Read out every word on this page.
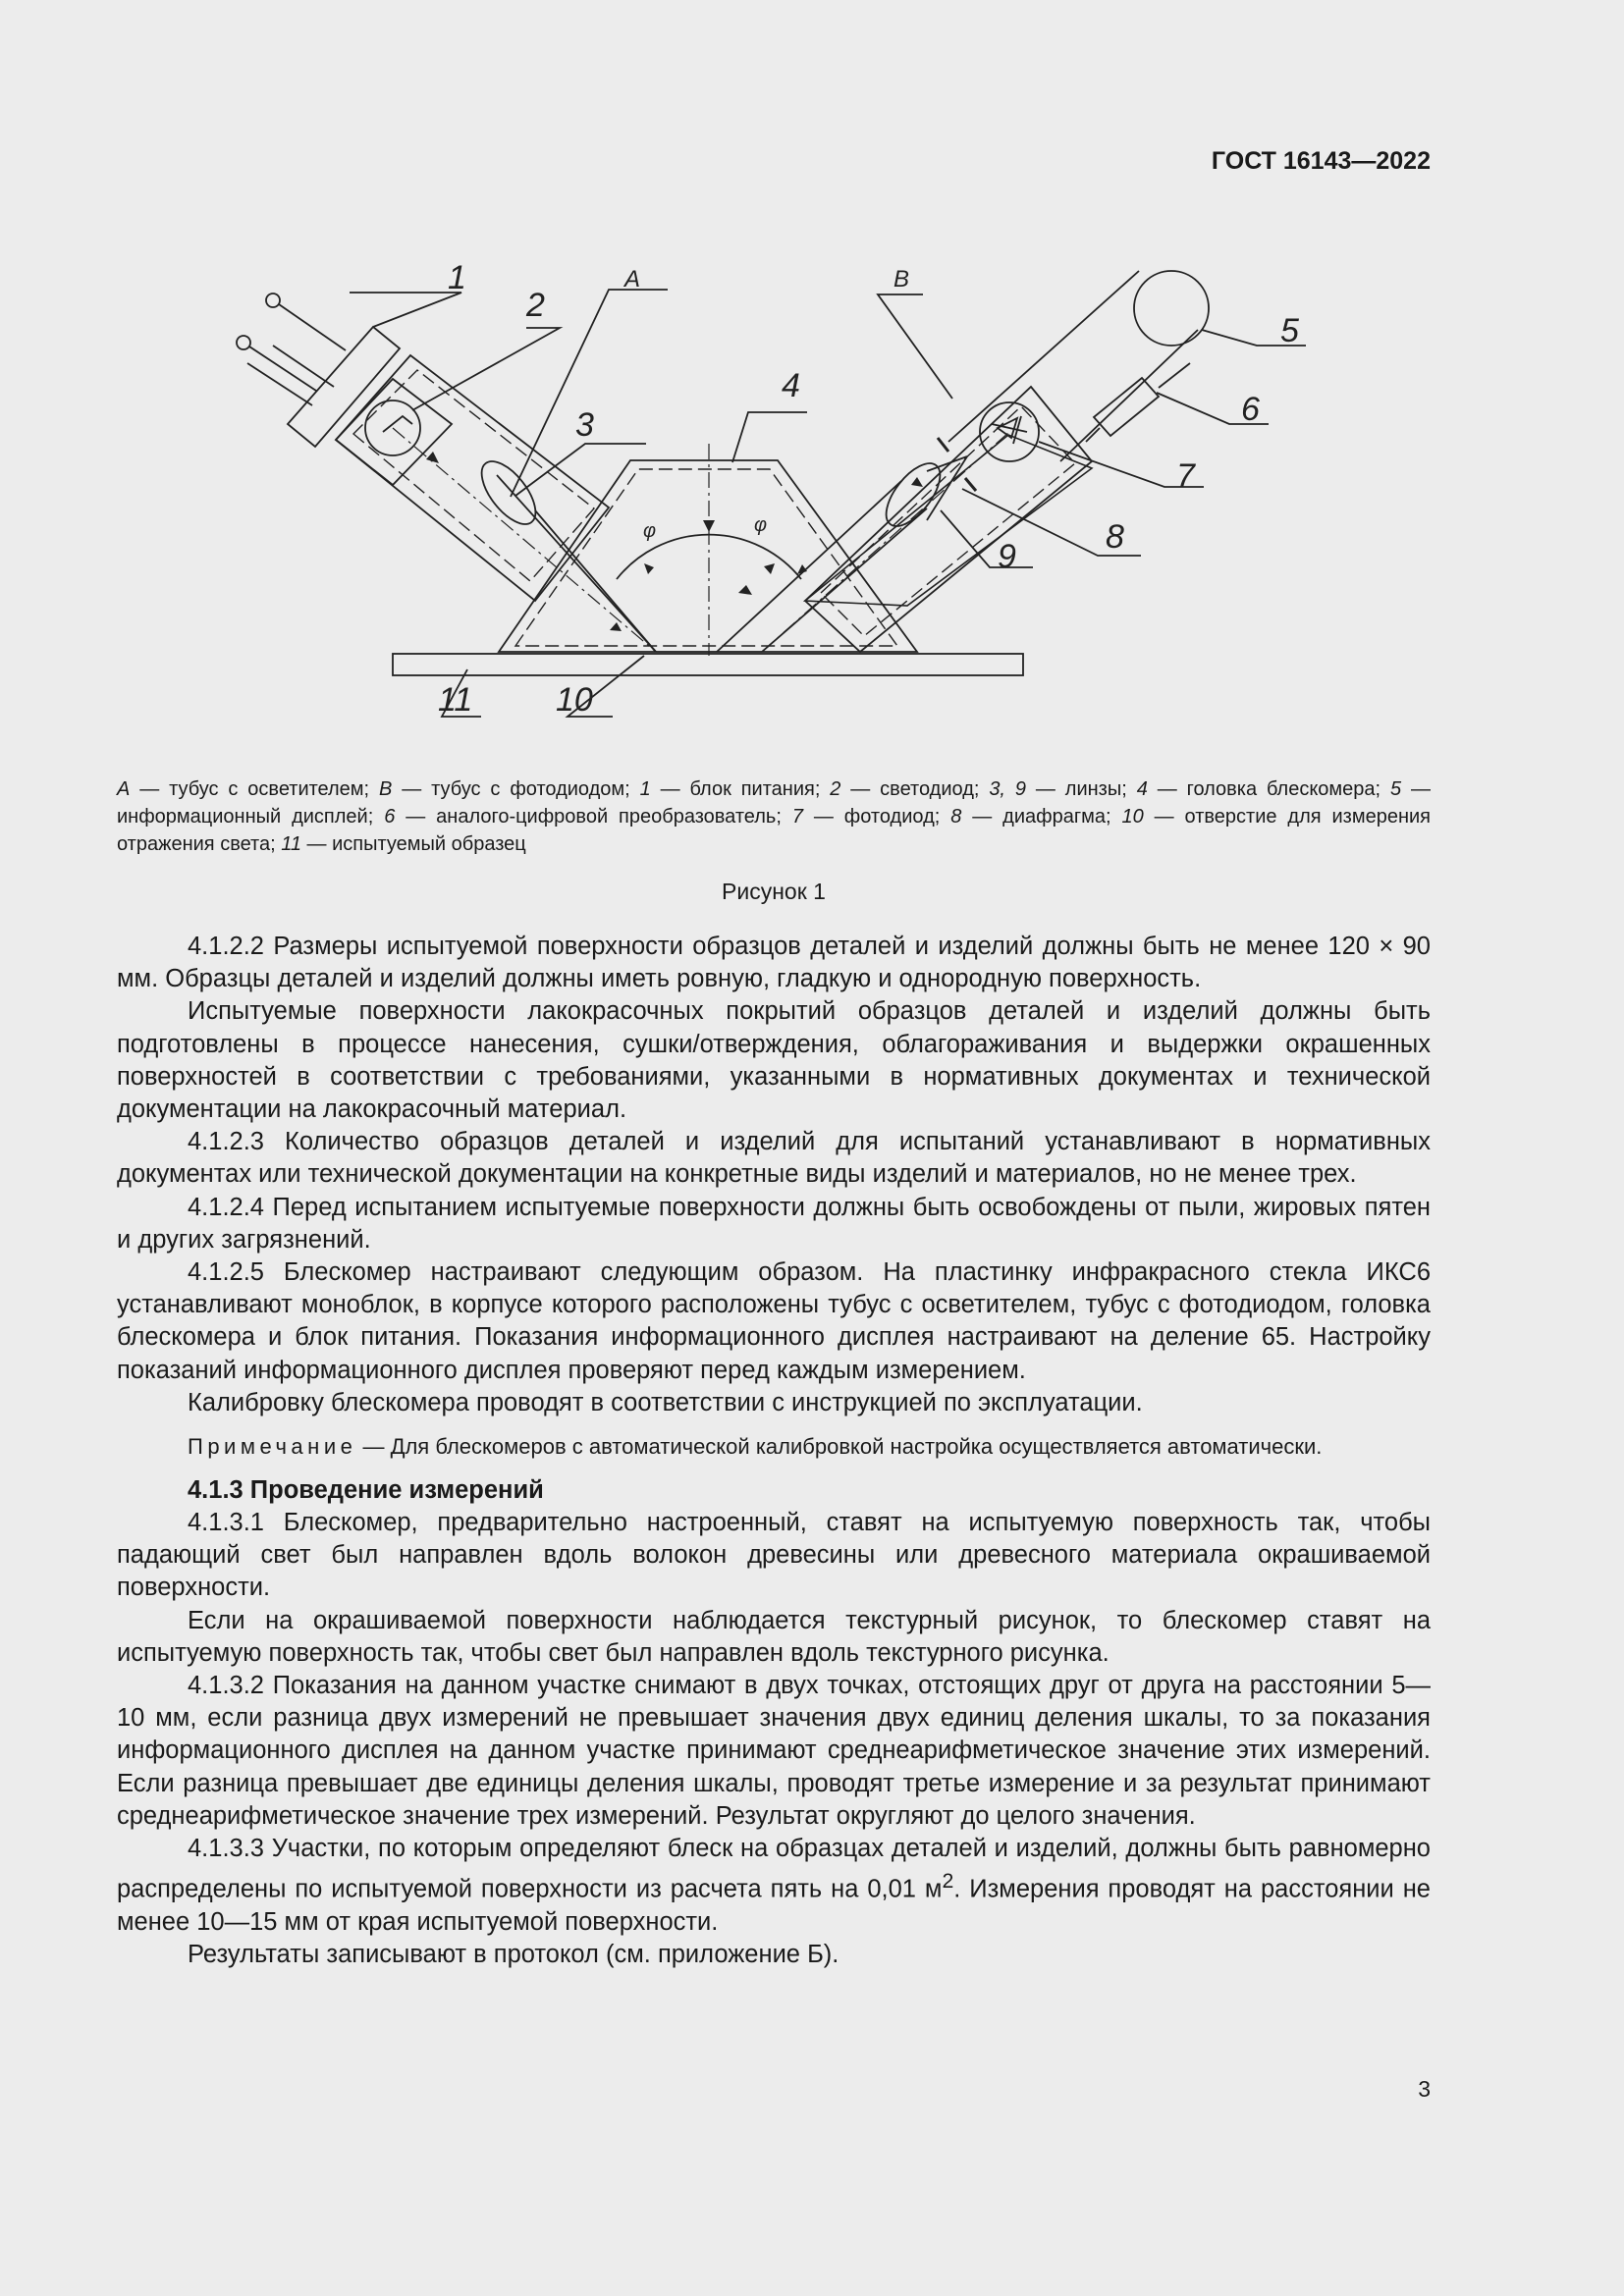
ГОСТ 16143—2022
1
2
3
4
5
6
7
8
9
10
11
А	В
φ	φ
А — тубус с осветителем; В — тубус с фотодиодом; 1 — блок питания; 2 — светодиод; 3, 9 — линзы; 4 — головка блескомера; 5 — информационный дисплей; 6 — аналого-цифровой преобразователь; 7 — фотодиод; 8 — диафрагма; 10 — отверстие для измерения отражения света; 11 — испытуемый образец
Рисунок 1

4.1.2.2 Размеры испытуемой поверхности образцов деталей и изделий должны быть не менее 120 × 90 мм. Образцы деталей и изделий должны иметь ровную, гладкую и однородную поверхность.

Испытуемые поверхности лакокрасочных покрытий образцов деталей и изделий должны быть подготовлены в процессе нанесения, сушки/отверждения, облагораживания и выдержки окрашенных поверхностей в соответствии с требованиями, указанными в нормативных документах и технической документации на лакокрасочный материал.

4.1.2.3 Количество образцов деталей и изделий для испытаний устанавливают в нормативных документах или технической документации на конкретные виды изделий и материалов, но не менее трех.

4.1.2.4 Перед испытанием испытуемые поверхности должны быть освобождены от пыли, жировых пятен и других загрязнений.

4.1.2.5 Блескомер настраивают следующим образом. На пластинку инфракрасного стекла ИКС6 устанавливают моноблок, в корпусе которого расположены тубус с осветителем, тубус с фотодиодом, головка блескомера и блок питания. Показания информационного дисплея настраивают на деление 65. Настройку показаний информационного дисплея проверяют перед каждым измерением.

Калибровку блескомера проводят в соответствии с инструкцией по эксплуатации.

Примечание — Для блескомеров с автоматической калибровкой настройка осуществляется автоматически.

4.1.3 Проведение измерений

4.1.3.1 Блескомер, предварительно настроенный, ставят на испытуемую поверхность так, чтобы падающий свет был направлен вдоль волокон древесины или древесного материала окрашиваемой поверхности.

Если на окрашиваемой поверхности наблюдается текстурный рисунок, то блескомер ставят на испытуемую поверхность так, чтобы свет был направлен вдоль текстурного рисунка.

4.1.3.2 Показания на данном участке снимают в двух точках, отстоящих друг от друга на расстоянии 5—10 мм, если разница двух измерений не превышает значения двух единиц деления шкалы, то за показания информационного дисплея на данном участке принимают среднеарифметическое значение этих измерений. Если разница превышает две единицы деления шкалы, проводят третье измерение и за результат принимают среднеарифметическое значение трех измерений. Результат округляют до целого значения.

4.1.3.3 Участки, по которым определяют блеск на образцах деталей и изделий, должны быть равномерно распределены по испытуемой поверхности из расчета пять на 0,01 $м^2$. Измерения проводят на расстоянии не менее 10—15 мм от края испытуемой поверхности.

Результаты записывают в протокол (см. приложение Б).

3
